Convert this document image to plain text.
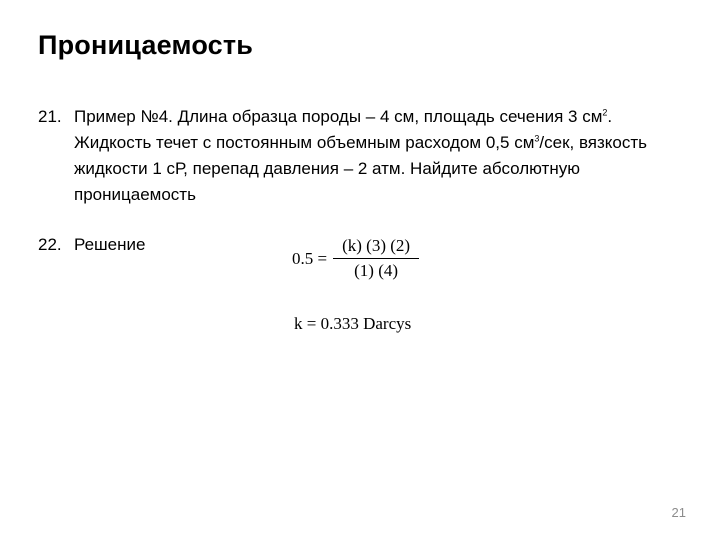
Проницаемость
21. Пример №4. Длина образца породы – 4 см, площадь сечения 3 $см^2$. Жидкость течет с постоянным объемным расходом 0,5 $см^3$/сек, вязкость жидкости 1 сР, перепад давления – 2 атм. Найдите абсолютную проницаемость
22. Решение
$0.5 = \frac{(k) (3) (2)}{(1) (4)}$
k = 0.333 Darcys
21
